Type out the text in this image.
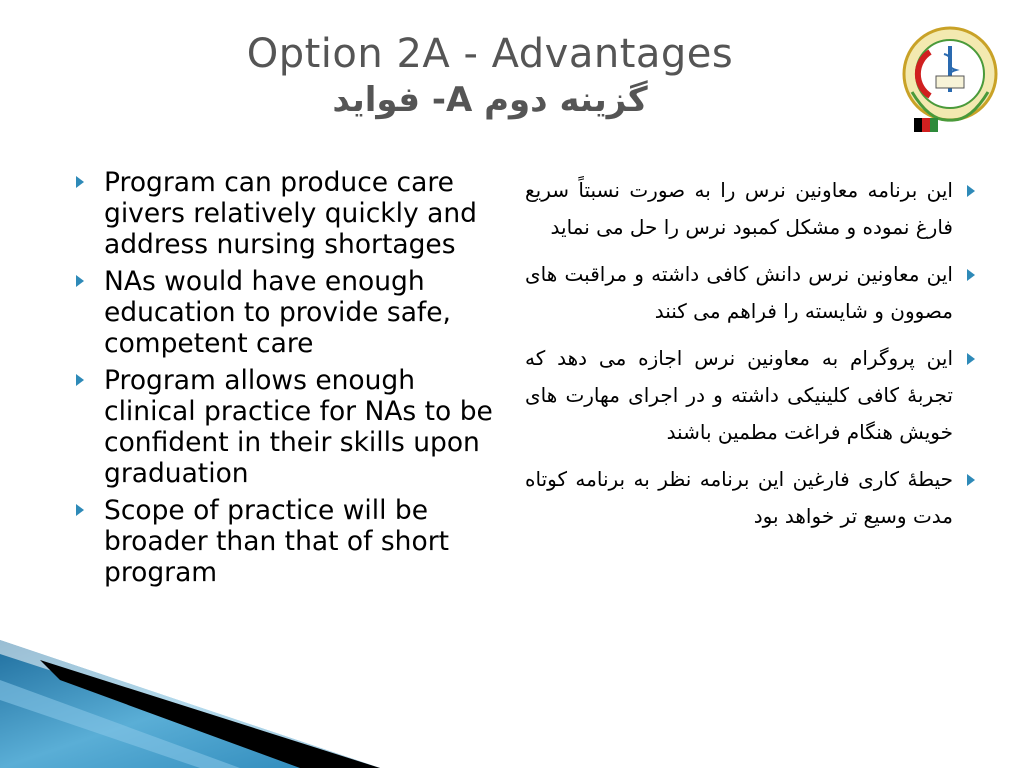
Option 2A - Advantages
گزینه دوم A- فواید
Program can produce care givers relatively quickly and address nursing shortages
NAs would have enough education to provide safe, competent care
Program allows enough clinical practice for NAs to be confident in their skills upon graduation
Scope of practice will be broader than that of short program
این برنامه معاونین نرس را به صورت نسبتاً سریع فارغ نموده و مشکل کمبود نرس را حل می نماید
این معاونین نرس دانش کافی داشته و مراقبت های مصوون و شایسته را فراهم می کنند
این پروگرام به معاونین نرس اجازه می دهد که تجربهٔ کافی کلینیکی داشته و در اجرای مهارت های خویش هنگام فراغت مطمین باشند
حیطهٔ کاری فارغین این برنامه نظر به برنامه کوتاه مدت وسیع تر خواهد بود
